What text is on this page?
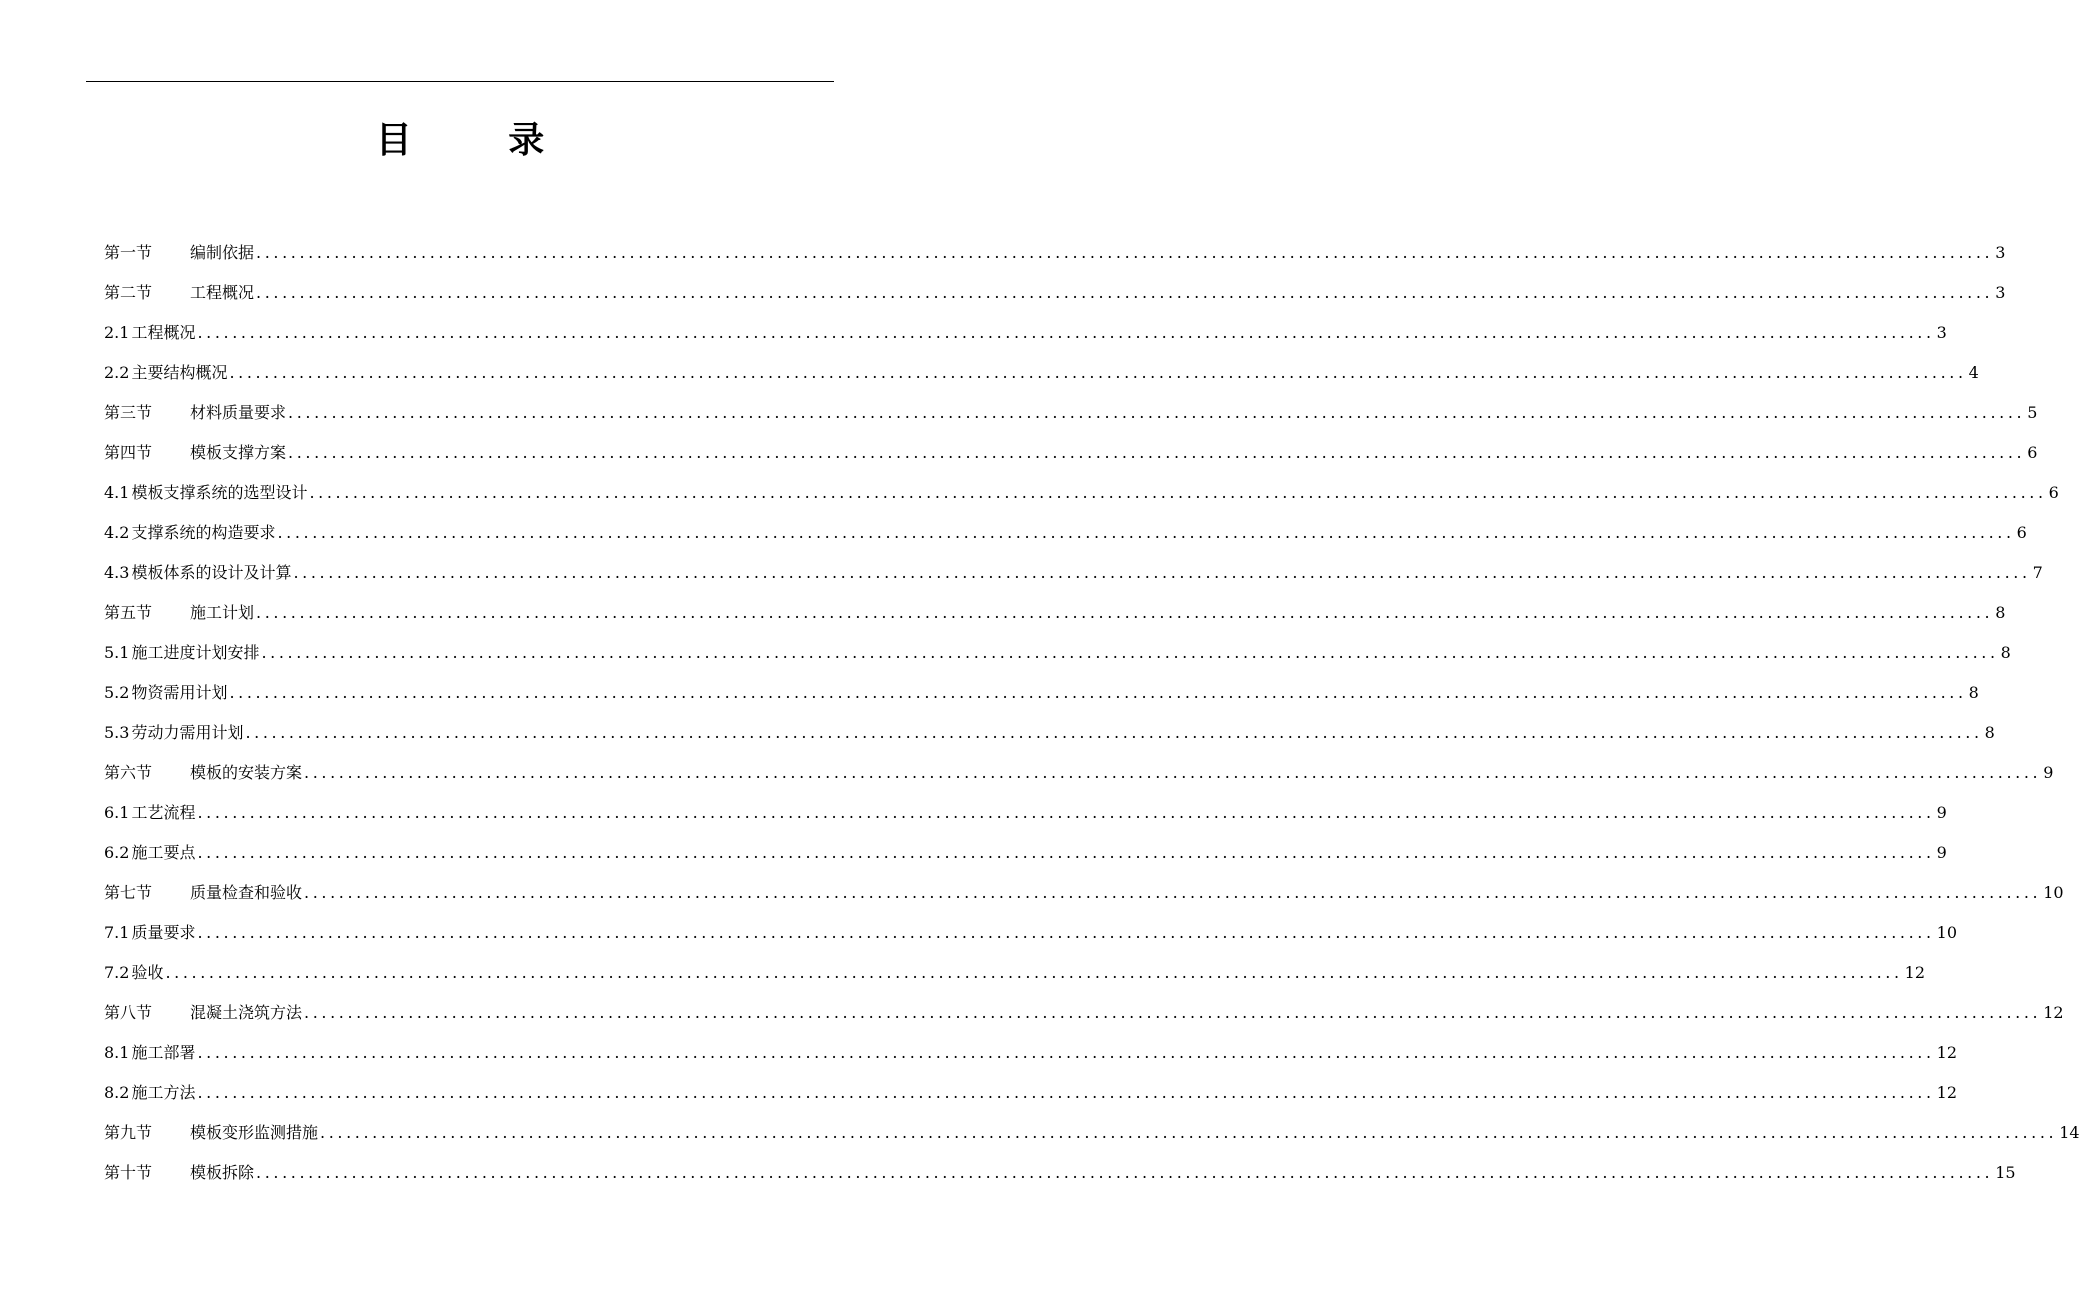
目 录
第一节	编制依据 ........................................................................................................................................................................................................ 3
第二节	工程概况 ........................................................................................................................................................................................................ 3
2.1 工程概况 ........................................................................................................................................................................................................ 3
2.2 主要结构概况 ........................................................................................................................................................................................................ 4
第三节	材料质量要求 ........................................................................................................................................................................................................ 5
第四节	模板支撑方案 ........................................................................................................................................................................................................ 6
4.1 模板支撑系统的选型设计 ........................................................................................................................................................................................................ 6
4.2 支撑系统的构造要求 ........................................................................................................................................................................................................ 6
4.3 模板体系的设计及计算 ........................................................................................................................................................................................................ 7
第五节	施工计划 ........................................................................................................................................................................................................ 8
5.1 施工进度计划安排 ........................................................................................................................................................................................................ 8
5.2 物资需用计划 ........................................................................................................................................................................................................ 8
5.3 劳动力需用计划 ........................................................................................................................................................................................................ 8
第六节	模板的安装方案 ........................................................................................................................................................................................................ 9
6.1 工艺流程 ........................................................................................................................................................................................................ 9
6.2 施工要点 ........................................................................................................................................................................................................ 9
第七节	质量检查和验收 ........................................................................................................................................................................................................ 10
7.1 质量要求 ........................................................................................................................................................................................................ 10
7.2 验收 ........................................................................................................................................................................................................ 12
第八节	混凝土浇筑方法 ........................................................................................................................................................................................................ 12
8.1 施工部署 ........................................................................................................................................................................................................ 12
8.2 施工方法 ........................................................................................................................................................................................................ 12
第九节	模板变形监测措施 ........................................................................................................................................................................................................ 14
第十节	模板拆除 ........................................................................................................................................................................................................ 15
